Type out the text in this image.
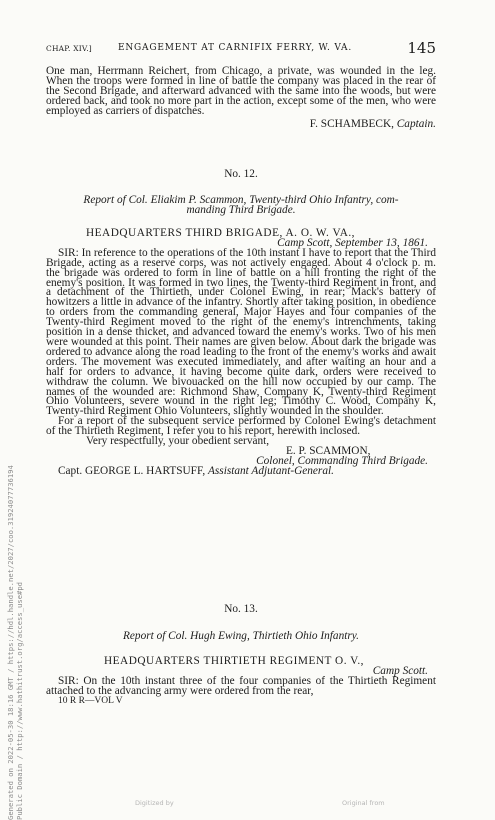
CHAP. XIV.]	ENGAGEMENT AT CARNIFIX FERRY, W. VA.	145

One man, Herrmann Reichert, from Chicago, a private, was wounded in the leg. When the troops were formed in line of battle the company was placed in the rear of the Second Brigade, and afterward advanced with the same into the woods, but were ordered back, and took no more part in the action, except some of the men, who were employed as carriers of dispatches.

F. SCHAMBECK, Captain.

No. 12.
Report of Col. Eliakim P. Scammon, Twenty-third Ohio Infantry, com-
manding Third Brigade.
HEADQUARTERS THIRD BRIGADE, A. O. W. VA.,
Camp Scott, September 13, 1861.

SIR: In reference to the operations of the 10th instant I have to report that the Third Brigade, acting as a reserve corps, was not actively engaged. About 4 o'clock p. m. the brigade was ordered to form in line of battle on a hill fronting the right of the enemy's position. It was formed in two lines, the Twenty-third Regiment in front, and a detachment of the Thirtieth, under Colonel Ewing, in rear; Mack's battery of howitzers a little in advance of the infantry. Shortly after taking position, in obedience to orders from the commanding general, Major Hayes and four companies of the Twenty-third Regiment moved to the right of the enemy's intrenchments, taking position in a dense thicket, and advanced toward the enemy's works. Two of his men were wounded at this point. Their names are given below. About dark the brigade was ordered to advance along the road leading to the front of the enemy's works and await orders. The movement was executed immediately, and after waiting an hour and a half for orders to advance, it having become quite dark, orders were received to withdraw the column. We bivouacked on the hill now occupied by our camp. The names of the wounded are: Richmond Shaw, Company K, Twenty-third Regiment Ohio Volunteers, severe wound in the right leg; Timothy C. Wood, Company K, Twenty-third Regiment Ohio Volunteers, slightly wounded in the shoulder.

For a report of the subsequent service performed by Colonel Ewing's detachment of the Thirtieth Regiment, I refer you to his report, herewith inclosed.

Very respectfully, your obedient servant,
E. P. SCAMMON,
Colonel, Commanding Third Brigade.
Capt. GEORGE L. HARTSUFF, Assistant Adjutant-General.
No. 13.
Report of Col. Hugh Ewing, Thirtieth Ohio Infantry.
HEADQUARTERS THIRTIETH REGIMENT O. V.,
Camp Scott.

SIR: On the 10th instant three of the four companies of the Thirtieth Regiment attached to the advancing army were ordered from the rear,

10 R R—VOL V
Generated on 2022-05-30 18:16 GMT / https://hdl.handle.net/2027/coo.31924077736194 Public Domain / http://www.hathitrust.org/access_use#pd	Digitized by	Original from
